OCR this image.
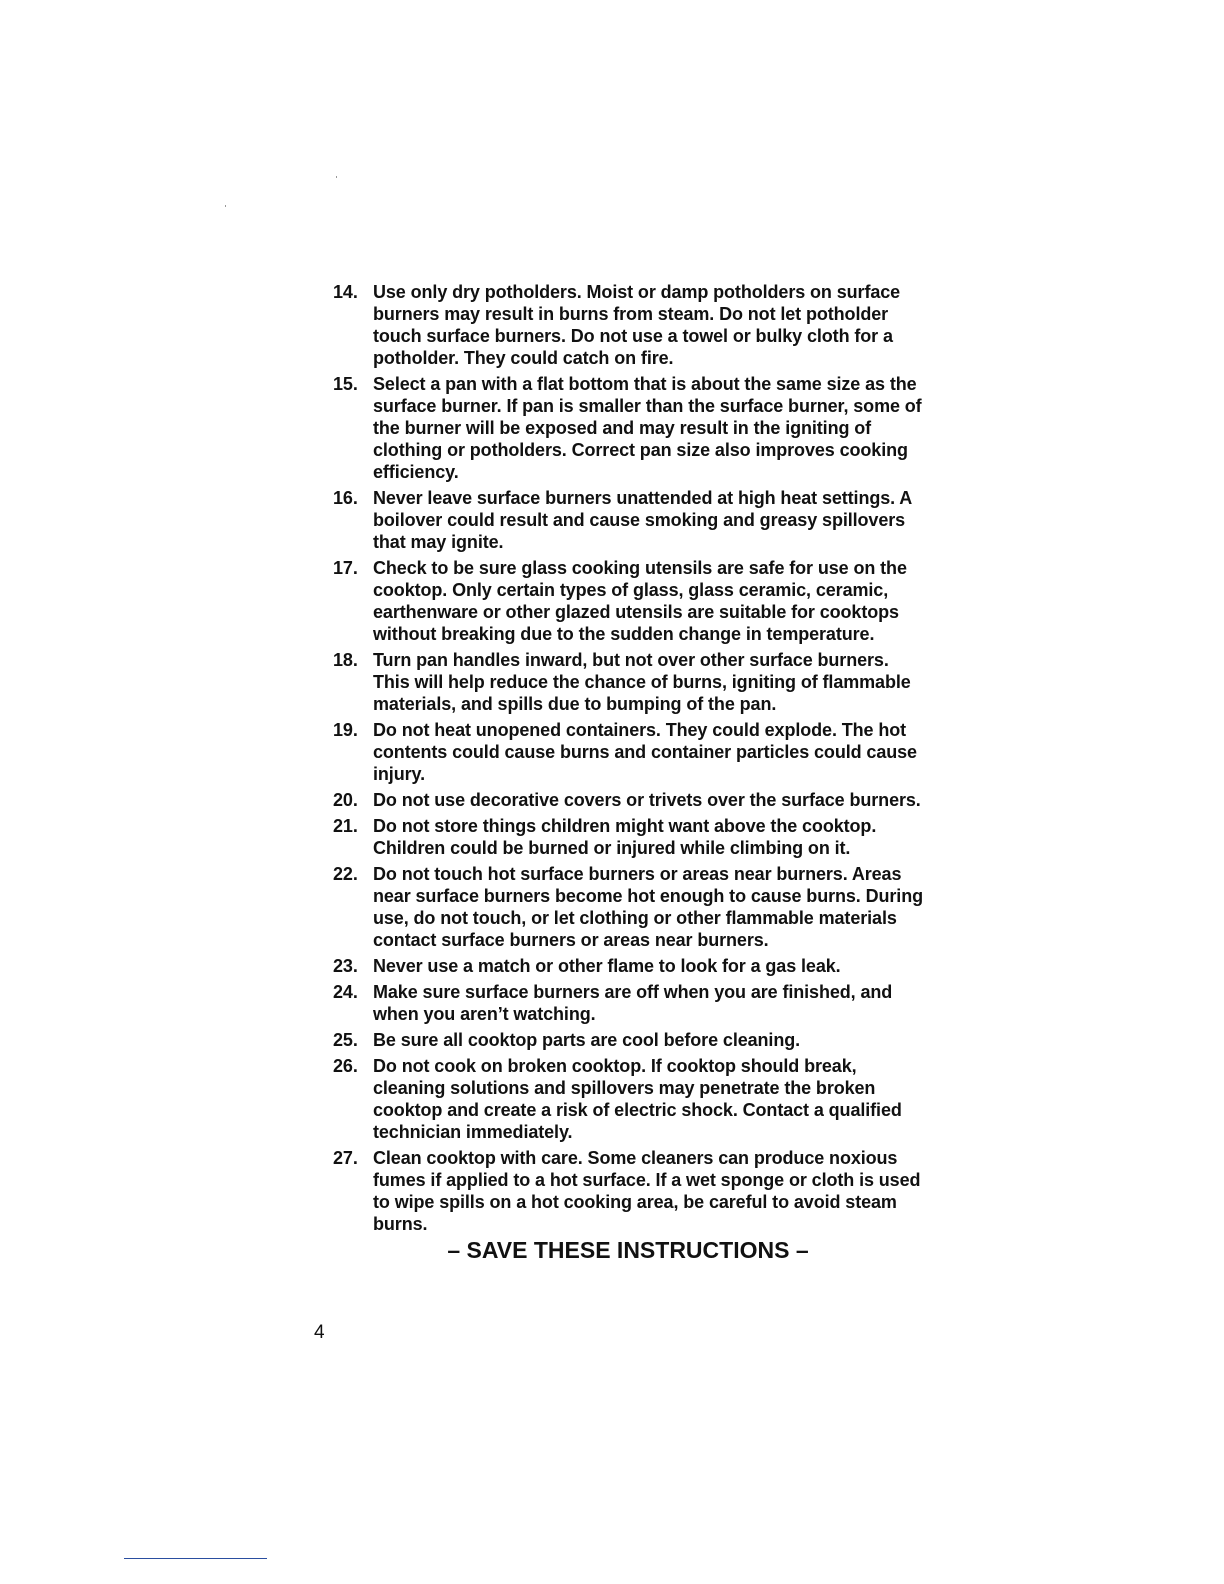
14. Use only dry potholders. Moist or damp potholders on surface burners may result in burns from steam. Do not let potholder touch surface burners. Do not use a towel or bulky cloth for a potholder. They could catch on fire.
15. Select a pan with a flat bottom that is about the same size as the surface burner. If pan is smaller than the surface burner, some of the burner will be exposed and may result in the igniting of clothing or potholders. Correct pan size also improves cooking efficiency.
16. Never leave surface burners unattended at high heat settings. A boilover could result and cause smoking and greasy spillovers that may ignite.
17. Check to be sure glass cooking utensils are safe for use on the cooktop. Only certain types of glass, glass ceramic, ceramic, earthenware or other glazed utensils are suitable for cooktops without breaking due to the sudden change in temperature.
18. Turn pan handles inward, but not over other surface burners. This will help reduce the chance of burns, igniting of flammable materials, and spills due to bumping of the pan.
19. Do not heat unopened containers. They could explode. The hot contents could cause burns and container particles could cause injury.
20. Do not use decorative covers or trivets over the surface burners.
21. Do not store things children might want above the cooktop. Children could be burned or injured while climbing on it.
22. Do not touch hot surface burners or areas near burners. Areas near surface burners become hot enough to cause burns. During use, do not touch, or let clothing or other flammable materials contact surface burners or areas near burners.
23. Never use a match or other flame to look for a gas leak.
24. Make sure surface burners are off when you are finished, and when you aren’t watching.
25. Be sure all cooktop parts are cool before cleaning.
26. Do not cook on broken cooktop. If cooktop should break, cleaning solutions and spillovers may penetrate the broken cooktop and create a risk of electric shock. Contact a qualified technician immediately.
27. Clean cooktop with care. Some cleaners can produce noxious fumes if applied to a hot surface. If a wet sponge or cloth is used to wipe spills on a hot cooking area, be careful to avoid steam burns.

– SAVE THESE INSTRUCTIONS –

4
